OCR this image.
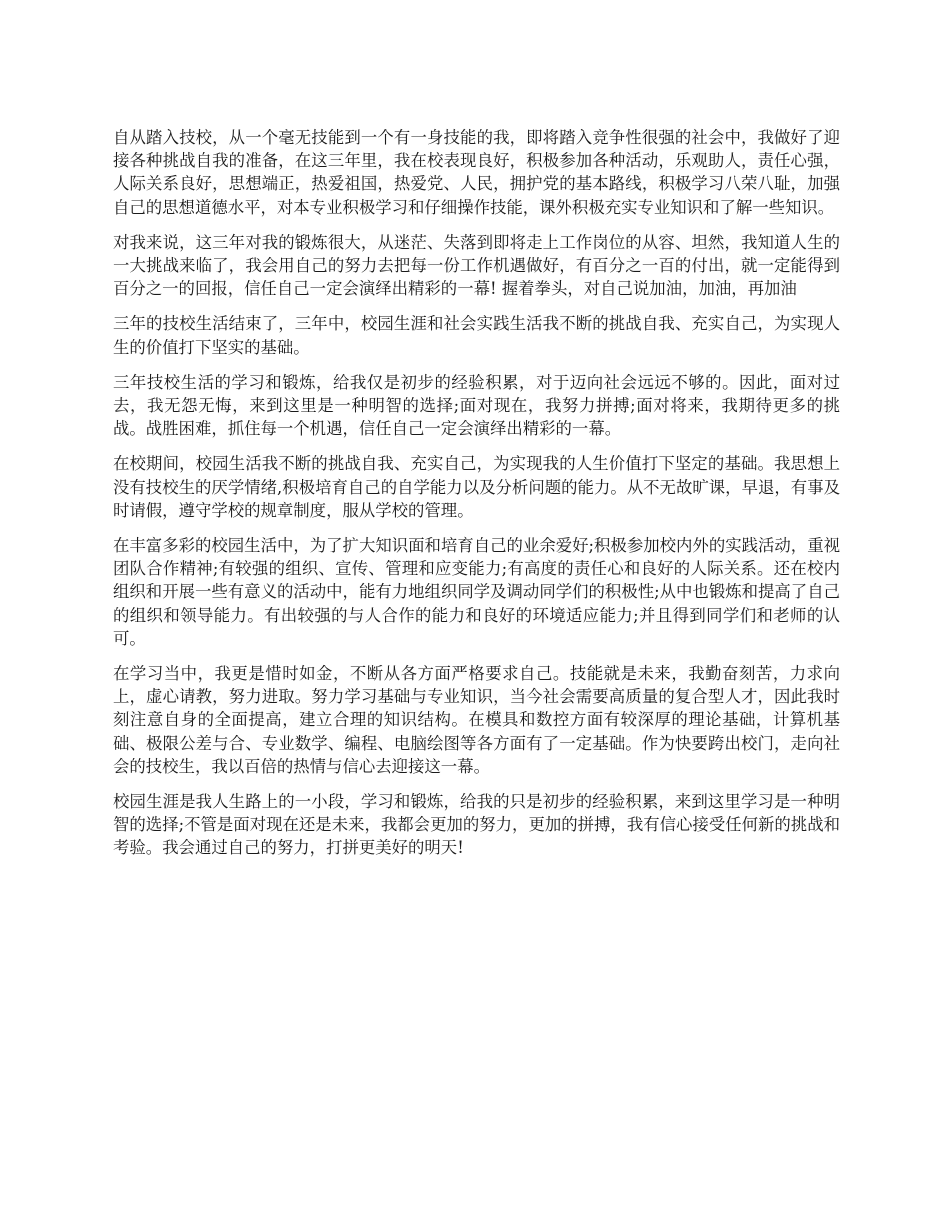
自从踏入技校，从一个毫无技能到一个有一身技能的我，即将踏入竞争性很强的社会中，我做好了迎接各种挑战自我的准备，在这三年里，我在校表现良好，积极参加各种活动，乐观助人，责任心强，人际关系良好，思想端正，热爱祖国，热爱党、人民，拥护党的基本路线，积极学习八荣八耻，加强自己的思想道德水平，对本专业积极学习和仔细操作技能，课外积极充实专业知识和了解一些知识。

对我来说，这三年对我的锻炼很大，从迷茫、失落到即将走上工作岗位的从容、坦然，我知道人生的一大挑战来临了，我会用自己的努力去把每一份工作机遇做好，有百分之一百的付出，就一定能得到百分之一的回报，信任自己一定会演绎出精彩的一幕! 握着拳头，对自己说加油，加油，再加油

三年的技校生活结束了，三年中，校园生涯和社会实践生活我不断的挑战自我、充实自己，为实现人生的价值打下坚实的基础。

三年技校生活的学习和锻炼，给我仅是初步的经验积累，对于迈向社会远远不够的。因此，面对过去，我无怨无悔，来到这里是一种明智的选择;面对现在，我努力拼搏;面对将来，我期待更多的挑战。战胜困难，抓住每一个机遇，信任自己一定会演绎出精彩的一幕。

在校期间，校园生活我不断的挑战自我、充实自己，为实现我的人生价值打下坚定的基础。我思想上没有技校生的厌学情绪,积极培育自己的自学能力以及分析问题的能力。从不无故旷课，早退，有事及时请假，遵守学校的规章制度，服从学校的管理。

在丰富多彩的校园生活中，为了扩大知识面和培育自己的业余爱好;积极参加校内外的实践活动，重视团队合作精神;有较强的组织、宣传、管理和应变能力;有高度的责任心和良好的人际关系。还在校内组织和开展一些有意义的活动中，能有力地组织同学及调动同学们的积极性;从中也锻炼和提高了自己的组织和领导能力。有出较强的与人合作的能力和良好的环境适应能力;并且得到同学们和老师的认可。

在学习当中，我更是惜时如金，不断从各方面严格要求自己。技能就是未来，我勤奋刻苦，力求向上，虚心请教，努力进取。努力学习基础与专业知识，当今社会需要高质量的复合型人才，因此我时刻注意自身的全面提高，建立合理的知识结构。在模具和数控方面有较深厚的理论基础，计算机基础、极限公差与合、专业数学、编程、电脑绘图等各方面有了一定基础。作为快要跨出校门，走向社会的技校生，我以百倍的热情与信心去迎接这一幕。

校园生涯是我人生路上的一小段，学习和锻炼，给我的只是初步的经验积累，来到这里学习是一种明智的选择;不管是面对现在还是未来，我都会更加的努力，更加的拼搏，我有信心接受任何新的挑战和考验。我会通过自己的努力，打拼更美好的明天!
